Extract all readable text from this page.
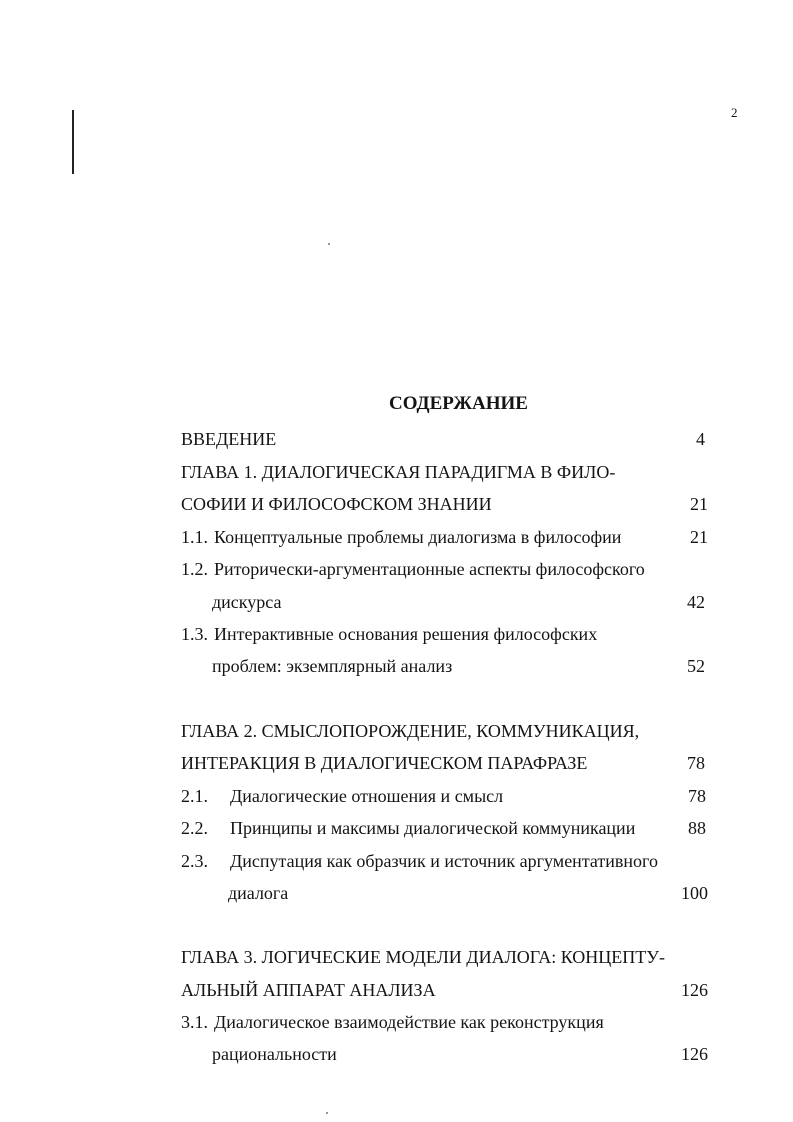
2
СОДЕРЖАНИЕ
ВВЕДЕНИЕ	4
ГЛАВА 1. ДИАЛОГИЧЕСКАЯ ПАРАДИГМА В ФИЛО-
СОФИИ И ФИЛОСОФСКОМ ЗНАНИИ	21
1.1. Концептуальные проблемы диалогизма в философии	21
1.2. Риторически-аргументационные аспекты философского
дискурса	42
1.3. Интерактивные основания решения философских
проблем: экземплярный анализ	52
ГЛАВА 2. СМЫСЛОПОРОЖДЕНИЕ, КОММУНИКАЦИЯ,
ИНТЕРАКЦИЯ В ДИАЛОГИЧЕСКОМ ПАРАФРАЗЕ	78
2.1. Диалогические отношения и смысл	78
2.2. Принципы и максимы диалогической коммуникации	88
2.3. Диспутация как образчик и источник аргументативного
диалога	100
ГЛАВА 3. ЛОГИЧЕСКИЕ МОДЕЛИ ДИАЛОГА: КОНЦЕПТУ-
АЛЬНЫЙ АППАРАТ АНАЛИЗА	126
3.1. Диалогическое взаимодействие как реконструкция
рациональности	126
